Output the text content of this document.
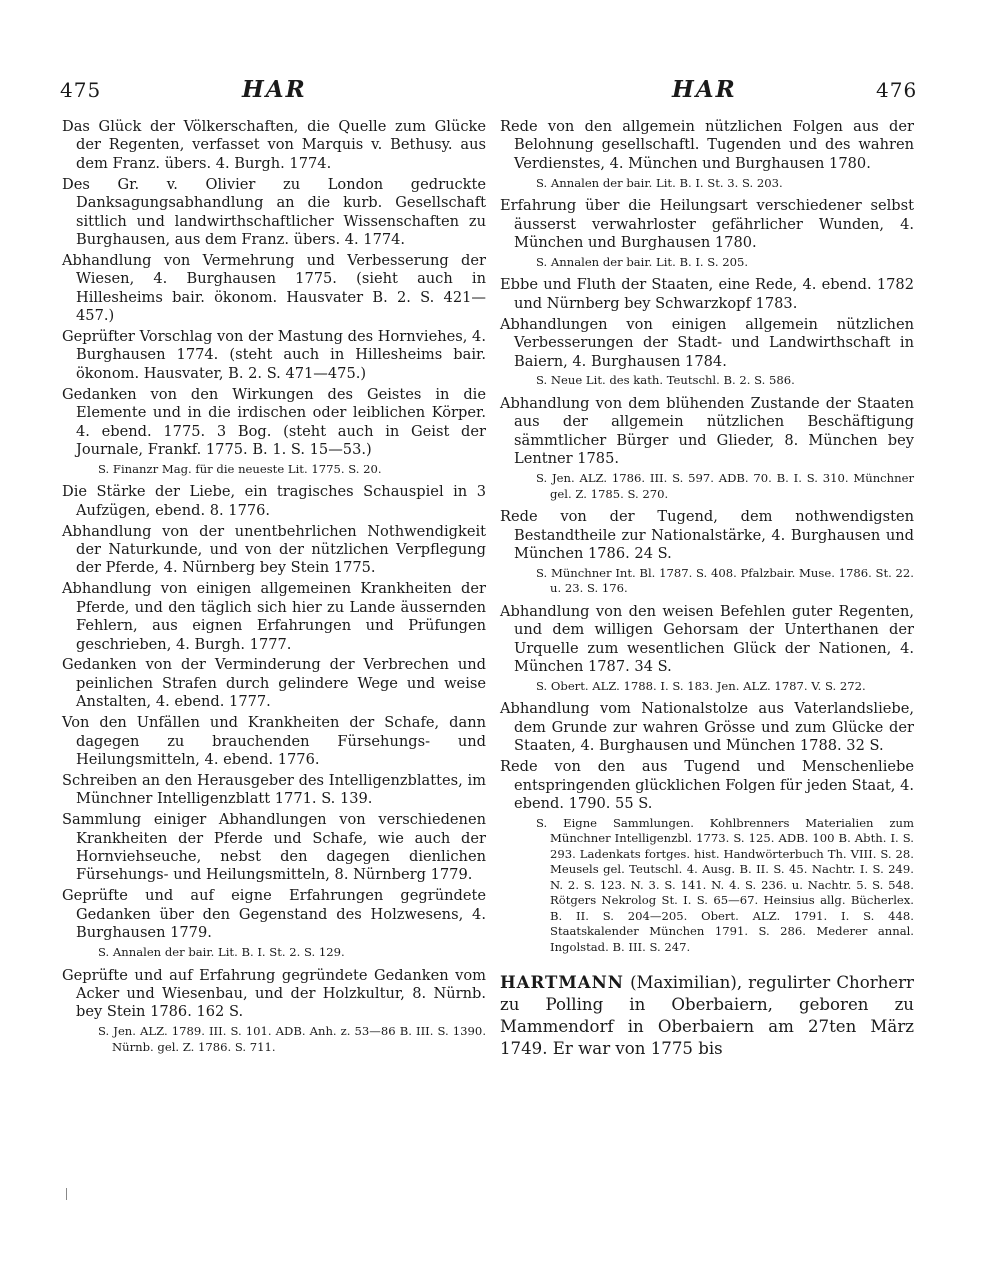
475	HAR	HAR	476

Das Glück der Völkerschaften, die Quelle zum Glücke der Regenten, verfasset von Marquis v. Bethusy. aus dem Franz. übers. 4. Burgh. 1774.

Des Gr. v. Olivier zu London gedruckte Danksagungsabhandlung an die kurb. Gesellschaft sittlich und landwirthschaftlicher Wissenschaften zu Burghausen, aus dem Franz. übers. 4. 1774.

Abhandlung von Vermehrung und Verbesserung der Wiesen, 4. Burghausen 1775. (sieht auch in Hillesheims bair. ökonom. Hausvater B. 2. S. 421—457.)

Geprüfter Vorschlag von der Mastung des Hornviehes, 4. Burghausen 1774. (steht auch in Hillesheims bair. ökonom. Hausvater, B. 2. S. 471—475.)

Gedanken von den Wirkungen des Geistes in die Elemente und in die irdischen oder leiblichen Körper. 4. ebend. 1775. 3 Bog. (steht auch in Geist der Journale, Frankf. 1775. B. 1. S. 15—53.)

S. Finanzr Mag. für die neueste Lit. 1775. S. 20.

Die Stärke der Liebe, ein tragisches Schauspiel in 3 Aufzügen, ebend. 8. 1776.

Abhandlung von der unentbehrlichen Nothwendigkeit der Naturkunde, und von der nützlichen Verpflegung der Pferde, 4. Nürnberg bey Stein 1775.

Abhandlung von einigen allgemeinen Krankheiten der Pferde, und den täglich sich hier zu Lande äussernden Fehlern, aus eignen Erfahrungen und Prüfungen geschrieben, 4. Burgh. 1777.

Gedanken von der Verminderung der Verbrechen und peinlichen Strafen durch gelindere Wege und weise Anstalten, 4. ebend. 1777.

Von den Unfällen und Krankheiten der Schafe, dann dagegen zu brauchenden Fürsehungs- und Heilungsmitteln, 4. ebend. 1776.

Schreiben an den Herausgeber des Intelligenzblattes, im Münchner Intelligenzblatt 1771. S. 139.

Sammlung einiger Abhandlungen von verschiedenen Krankheiten der Pferde und Schafe, wie auch der Hornviehseuche, nebst den dagegen dienlichen Fürsehungs- und Heilungsmitteln, 8. Nürnberg 1779.

Geprüfte und auf eigne Erfahrungen gegründete Gedanken über den Gegenstand des Holzwesens, 4. Burghausen 1779.

S. Annalen der bair. Lit. B. I. St. 2. S. 129.

Geprüfte und auf Erfahrung gegründete Gedanken vom Acker und Wiesenbau, und der Holzkultur, 8. Nürnb. bey Stein 1786. 162 S.

S. Jen. ALZ. 1789. III. S. 101. ADB. Anh. z. 53—86 B. III. S. 1390. Nürnb. gel. Z. 1786. S. 711.

Rede von den allgemein nützlichen Folgen aus der Belohnung gesellschaftl. Tugenden und des wahren Verdienstes, 4. München und Burghausen 1780.

S. Annalen der bair. Lit. B. I. St. 3. S. 203.

Erfahrung über die Heilungsart verschiedener selbst äusserst verwahrloster gefährlicher Wunden, 4. München und Burghausen 1780.

S. Annalen der bair. Lit. B. I. S. 205.

Ebbe und Fluth der Staaten, eine Rede, 4. ebend. 1782 und Nürnberg bey Schwarzkopf 1783.

Abhandlungen von einigen allgemein nützlichen Verbesserungen der Stadt- und Landwirthschaft in Baiern, 4. Burghausen 1784.

S. Neue Lit. des kath. Teutschl. B. 2. S. 586.

Abhandlung von dem blühenden Zustande der Staaten aus der allgemein nützlichen Beschäftigung sämmtlicher Bürger und Glieder, 8. München bey Lentner 1785.

S. Jen. ALZ. 1786. III. S. 597. ADB. 70. B. I. S. 310. Münchner gel. Z. 1785. S. 270.

Rede von der Tugend, dem nothwendigsten Bestandtheile zur Nationalstärke, 4. Burghausen und München 1786. 24 S.

S. Münchner Int. Bl. 1787. S. 408. Pfalzbair. Muse. 1786. St. 22. u. 23. S. 176.

Abhandlung von den weisen Befehlen guter Regenten, und dem willigen Gehorsam der Unterthanen der Urquelle zum wesentlichen Glück der Nationen, 4. München 1787. 34 S.

S. Obert. ALZ. 1788. I. S. 183. Jen. ALZ. 1787. V. S. 272.

Abhandlung vom Nationalstolze aus Vaterlandsliebe, dem Grunde zur wahren Grösse und zum Glücke der Staaten, 4. Burghausen und München 1788. 32 S.

Rede von den aus Tugend und Menschenliebe entspringenden glücklichen Folgen für jeden Staat, 4. ebend. 1790. 55 S.

S. Eigne Sammlungen. Kohlbrenners Materialien zum Münchner Intelligenzbl. 1773. S. 125. ADB. 100 B. Abth. I. S. 293. Ladenkats fortges. hist. Handwörterbuch Th. VIII. S. 28. Meusels gel. Teutschl. 4. Ausg. B. II. S. 45. Nachtr. I. S. 249. N. 2. S. 123. N. 3. S. 141. N. 4. S. 236. u. Nachtr. 5. S. 548. Rötgers Nekrolog St. I. S. 65—67. Heinsius allg. Bücherlex. B. II. S. 204—205. Obert. ALZ. 1791. I. S. 448. Staatskalender München 1791. S. 286. Mederer annal. Ingolstad. B. III. S. 247.

HARTMANN (Maximilian), regulirter Chorherr zu Polling in Oberbaiern, geboren zu Mammendorf in Oberbaiern am 27ten März 1749. Er war von 1775 bis
